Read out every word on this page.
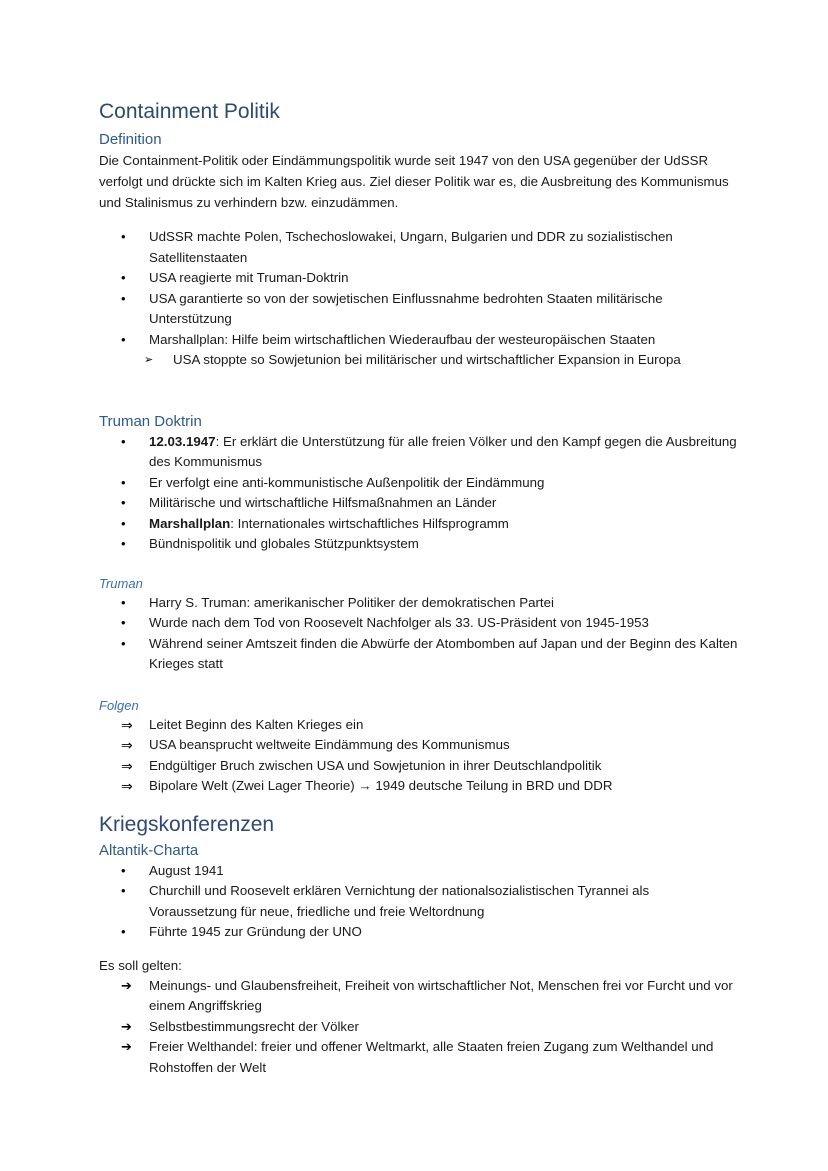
Containment Politik
Definition

Die Containment-Politik oder Eindämmungspolitik wurde seit 1947 von den USA gegenüber der UdSSR verfolgt und drückte sich im Kalten Krieg aus. Ziel dieser Politik war es, die Ausbreitung des Kommunismus und Stalinismus zu verhindern bzw. einzudämmen.

• UdSSR machte Polen, Tschechoslowakei, Ungarn, Bulgarien und DDR zu sozialistischen Satellitenstaaten
• USA reagierte mit Truman-Doktrin
• USA garantierte so von der sowjetischen Einflussnahme bedrohten Staaten militärische Unterstützung
• Marshallplan: Hilfe beim wirtschaftlichen Wiederaufbau der westeuropäischen Staaten
➢ USA stoppte so Sowjetunion bei militärischer und wirtschaftlicher Expansion in Europa
Truman Doktrin
• 12.03.1947: Er erklärt die Unterstützung für alle freien Völker und den Kampf gegen die Ausbreitung des Kommunismus
• Er verfolgt eine anti-kommunistische Außenpolitik der Eindämmung
• Militärische und wirtschaftliche Hilfsmaßnahmen an Länder
• Marshallplan: Internationales wirtschaftliches Hilfsprogramm
• Bündnispolitik und globales Stützpunktsystem
Truman
• Harry S. Truman: amerikanischer Politiker der demokratischen Partei
• Wurde nach dem Tod von Roosevelt Nachfolger als 33. US-Präsident von 1945-1953
• Während seiner Amtszeit finden die Abwürfe der Atombomben auf Japan und der Beginn des Kalten Krieges statt
Folgen
⇒ Leitet Beginn des Kalten Krieges ein
⇒ USA beansprucht weltweite Eindämmung des Kommunismus
⇒ Endgültiger Bruch zwischen USA und Sowjetunion in ihrer Deutschlandpolitik
⇒ Bipolare Welt (Zwei Lager Theorie) → 1949 deutsche Teilung in BRD und DDR
Kriegskonferenzen
Altantik-Charta
• August 1941
• Churchill und Roosevelt erklären Vernichtung der nationalsozialistischen Tyrannei als Voraussetzung für neue, friedliche und freie Weltordnung
• Führte 1945 zur Gründung der UNO

Es soll gelten:

➔ Meinungs- und Glaubensfreiheit, Freiheit von wirtschaftlicher Not, Menschen frei vor Furcht und vor einem Angriffskrieg
➔ Selbstbestimmungsrecht der Völker
➔ Freier Welthandel: freier und offener Weltmarkt, alle Staaten freien Zugang zum Welthandel und Rohstoffen der Welt
